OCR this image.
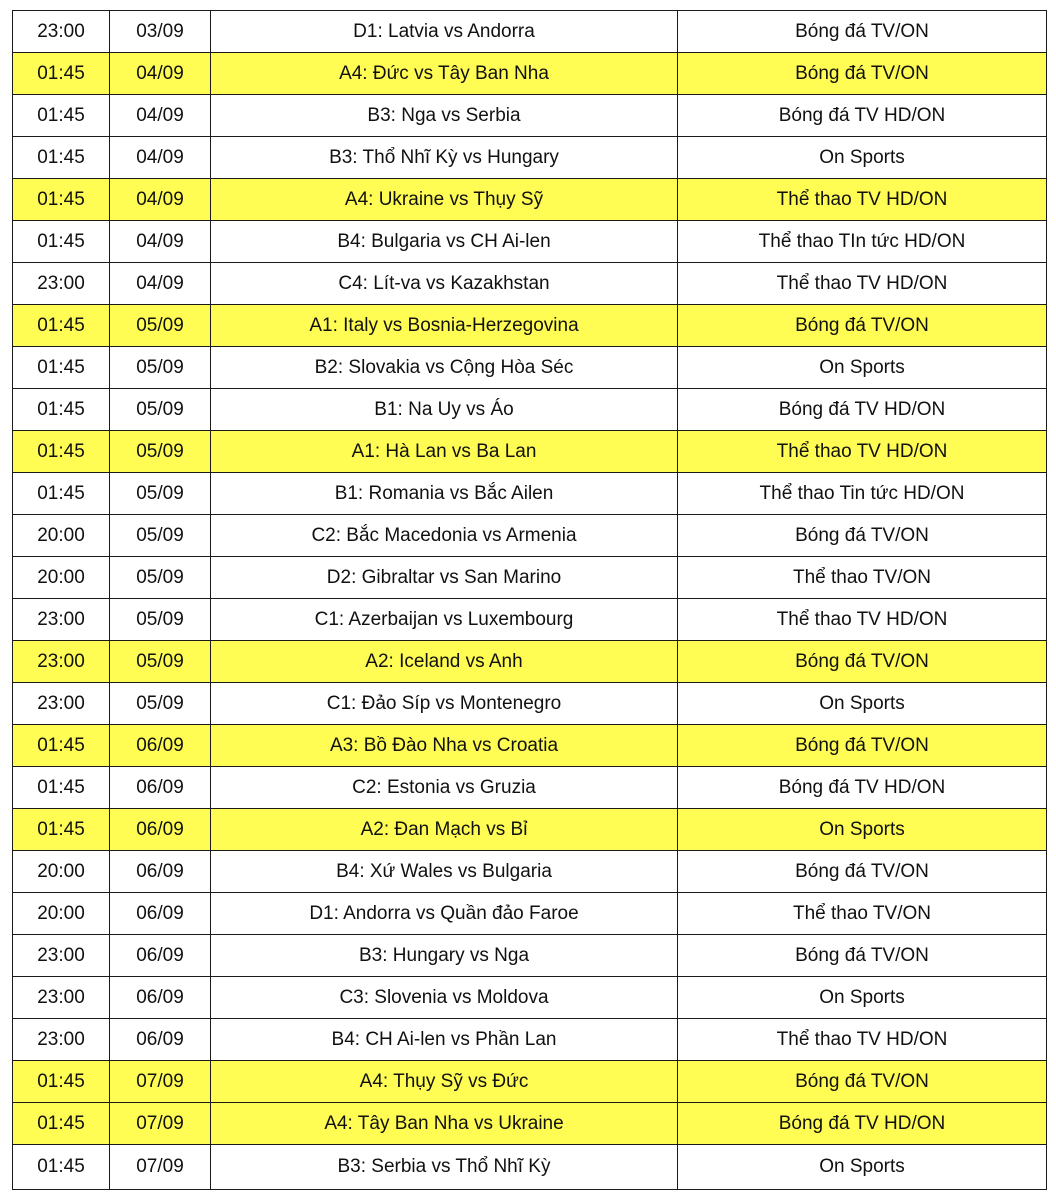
23:00	03/09	D1: Latvia vs Andorra	Bóng đá TV/ON
01:45	04/09	A4: Đức vs Tây Ban Nha	Bóng đá TV/ON
01:45	04/09	B3: Nga vs Serbia	Bóng đá TV HD/ON
01:45	04/09	B3: Thổ Nhĩ Kỳ vs Hungary	On Sports
01:45	04/09	A4: Ukraine vs Thụy Sỹ	Thể thao TV HD/ON
01:45	04/09	B4: Bulgaria vs CH Ai-len	Thể thao TIn tức HD/ON
23:00	04/09	C4: Lít-va vs Kazakhstan	Thể thao TV HD/ON
01:45	05/09	A1: Italy vs Bosnia-Herzegovina	Bóng đá TV/ON
01:45	05/09	B2: Slovakia vs Cộng Hòa Séc	On Sports
01:45	05/09	B1: Na Uy vs Áo	Bóng đá TV HD/ON
01:45	05/09	A1: Hà Lan vs Ba Lan	Thể thao TV HD/ON
01:45	05/09	B1: Romania vs Bắc Ailen	Thể thao Tin tức HD/ON
20:00	05/09	C2: Bắc Macedonia vs Armenia	Bóng đá TV/ON
20:00	05/09	D2: Gibraltar vs San Marino	Thể thao TV/ON
23:00	05/09	C1: Azerbaijan vs Luxembourg	Thể thao TV HD/ON
23:00	05/09	A2: Iceland vs Anh	Bóng đá TV/ON
23:00	05/09	C1: Đảo Síp vs Montenegro	On Sports
01:45	06/09	A3: Bồ Đào Nha vs Croatia	Bóng đá TV/ON
01:45	06/09	C2: Estonia vs Gruzia	Bóng đá TV HD/ON
01:45	06/09	A2: Đan Mạch vs Bỉ	On Sports
20:00	06/09	B4: Xứ Wales vs Bulgaria	Bóng đá TV/ON
20:00	06/09	D1: Andorra vs Quần đảo Faroe	Thể thao TV/ON
23:00	06/09	B3: Hungary vs Nga	Bóng đá TV/ON
23:00	06/09	C3: Slovenia vs Moldova	On Sports
23:00	06/09	B4: CH Ai-len vs Phần Lan	Thể thao TV HD/ON
01:45	07/09	A4: Thụy Sỹ vs Đức	Bóng đá TV/ON
01:45	07/09	A4: Tây Ban Nha vs Ukraine	Bóng đá TV HD/ON
01:45	07/09	B3: Serbia vs Thổ Nhĩ Kỳ	On Sports
